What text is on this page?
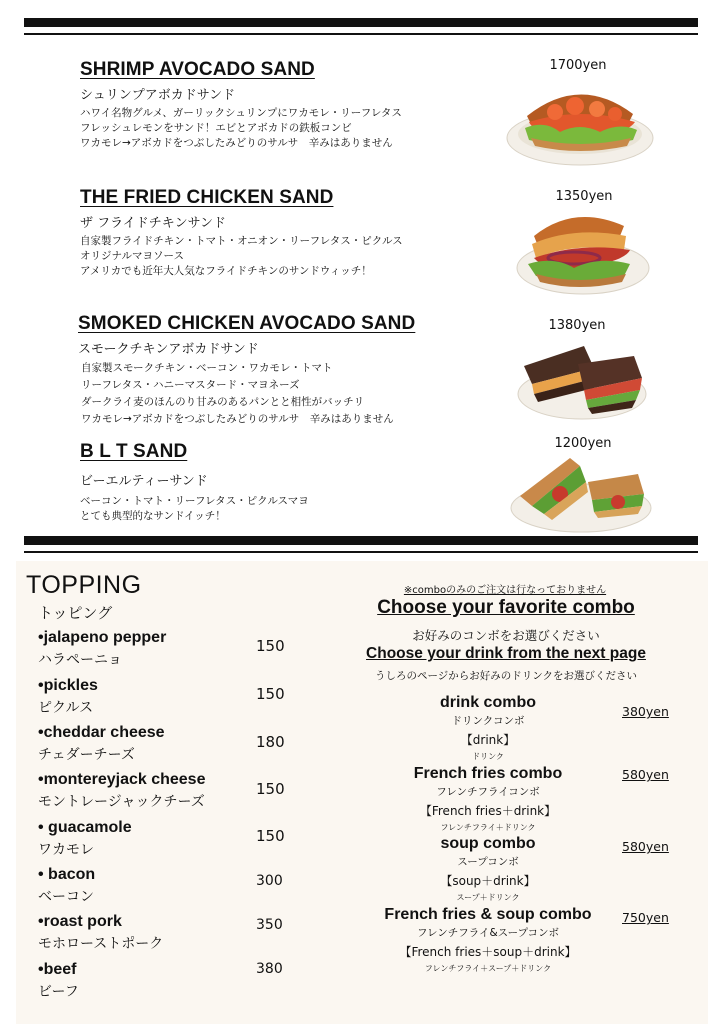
SHRIMP AVOCADO SAND
シュリンプアボカドサンド
ハワイ名物グルメ、ガーリックシュリンプにワカモレ・リーフレタス
フレッシュレモンをサンド！エビとアボカドの鉄板コンビ
ワカモレ→アボカドをつぶしたみどりのサルサ　辛みはありません
1700yen
THE FRIED CHICKEN SAND
ザ フライドチキンサンド
自家製フライドチキン・トマト・オニオン・リーフレタス・ピクルス
オリジナルマヨソース
アメリカでも近年大人気なフライドチキンのサンドウィッチ！
1350yen
SMOKED CHICKEN AVOCADO SAND
スモークチキンアボカドサンド
自家製スモークチキン・ベーコン・ワカモレ・トマト
リーフレタス・ハニーマスタード・マヨネーズ
ダークライ麦のほんのり甘みのあるパンとと相性がバッチリ
ワカモレ→アボカドをつぶしたみどりのサルサ　辛みはありません
1380yen
B L T SAND
ビーエルティーサンド
ベーコン・トマト・リーフレタス・ピクルスマヨ
とても典型的なサンドイッチ！
1200yen
TOPPING
トッピング
•jalapeno pepper
ハラペーニョ
150
•pickles
ピクルス
150
•cheddar cheese
チェダーチーズ
180
•montereyjack cheese
モントレージャックチーズ
150
• guacamole
ワカモレ
150
• bacon
ベーコン
300
•roast pork
モホローストポーク
350
•beef
ビーフ
380
※comboのみのご注文は行なっておりません
Choose your favorite combo
お好みのコンボをお選びください
Choose your drink from the next page
うしろのページからお好みのドリンクをお選びください
drink combo
ドリンクコンボ
【drink】
ドリンク
380yen
French fries combo
フレンチフライコンボ
【French fries＋drink】
フレンチフライ＋ドリンク
580yen
soup combo
スープコンボ
【soup＋drink】
スープ＋ドリンク
580yen
French fries & soup combo
フレンチフライ&スープコンボ
【French fries＋soup＋drink】
フレンチフライ＋スープ＋ドリンク
750yen
